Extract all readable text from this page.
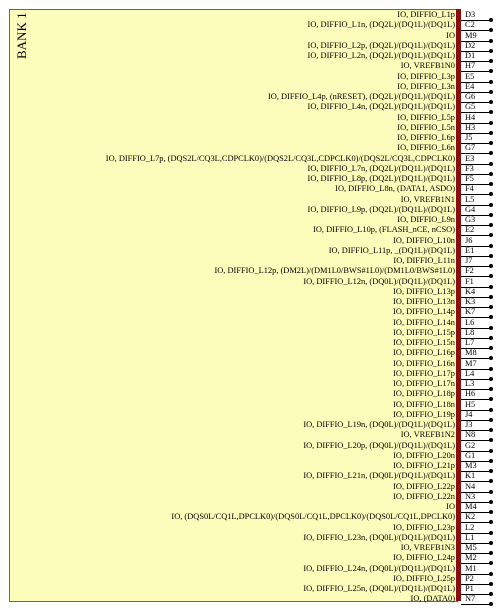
BANK 1	IO, DIFFIO_L1p D3
IO, DIFFIO_L1n, (DQ2L)/(DQ1L)/(DQ1L) C2
IO M9
IO, DIFFIO_L2p, (DQ2L)/(DQ1L)/(DQ1L) D2
IO, DIFFIO_L2n, (DQ2L)/(DQ1L)/(DQ1L) D1
IO, VREFB1N0 H7
IO, DIFFIO_L3p E5
IO, DIFFIO_L3n E4
IO, DIFFIO_L4p, (nRESET), (DQ2L)/(DQ1L)/(DQ1L) G6
IO, DIFFIO_L4n, (DQ2L)/(DQ1L)/(DQ1L) G5
IO, DIFFIO_L5p H4
IO, DIFFIO_L5n H3
IO, DIFFIO_L6p J5
IO, DIFFIO_L6n G7
IO, DIFFIO_L7p, (DQS2L/CQ3L,CDPCLK0)/(DQS2L/CQ3L,CDPCLK0)/(DQS2L/CQ3L,CDPCLK0) E3
IO, DIFFIO_L7n, (DQ2L)/(DQ1L)/(DQ1L) F3
IO, DIFFIO_L8p, (DQ2L)/(DQ1L)/(DQ1L) F5
IO, DIFFIO_L8n, (DATA1, ASDO) F4
IO, VREFB1N1 L5
IO, DIFFIO_L9p, (DQ2L)/(DQ1L)/(DQ1L) G4
IO, DIFFIO_L9n G3
IO, DIFFIO_L10p, (FLASH_nCE, nCSO) E2
IO, DIFFIO_L10n J6
IO, DIFFIO_L11p, _(DQ1L)/(DQ1L) E1
IO, DIFFIO_L11n J7
IO, DIFFIO_L12p, (DM2L)/(DM1L0/BWS#1L0)/(DM1L0/BWS#1L0) F2
IO, DIFFIO_L12n, (DQ0L)/(DQ1L)/(DQ1L) F1
IO, DIFFIO_L13p K4
IO, DIFFIO_L13n K3
IO, DIFFIO_L14p K7
IO, DIFFIO_L14n L6
IO, DIFFIO_L15p L8
IO, DIFFIO_L15n L7
IO, DIFFIO_L16p M8
IO, DIFFIO_L16n M7
IO, DIFFIO_L17p L4
IO, DIFFIO_L17n L3
IO, DIFFIO_L18p H6
IO, DIFFIO_L18n H5
IO, DIFFIO_L19p J4
IO, DIFFIO_L19n, (DQ0L)/(DQ1L)/(DQ1L) J3
IO, VREFB1N2 N8
IO, DIFFIO_L20p, (DQ0L)/(DQ1L)/(DQ1L) G2
IO, DIFFIO_L20n G1
IO, DIFFIO_L21p M3
IO, DIFFIO_L21n, (DQ0L)/(DQ1L)/(DQ1L) K1
IO, DIFFIO_L22p N4
IO, DIFFIO_L22n N3
IO M4
IO, (DQS0L/CQ1L,DPCLK0)/(DQS0L/CQ1L,DPCLK0)/(DQS0L/CQ1L,DPCLK0) K2
IO, DIFFIO_L23p L2
IO, DIFFIO_L23n, (DQ0L)/(DQ1L)/(DQ1L) L1
IO, VREFB1N3 M5
IO, DIFFIO_L24p M2
IO, DIFFIO_L24n, (DQ0L)/(DQ1L)/(DQ1L) M1
IO, DIFFIO_L25p P2
IO, DIFFIO_L25n, (DQ0L)/(DQ1L)/(DQ1L) P1
IO, (DATA0) N7
